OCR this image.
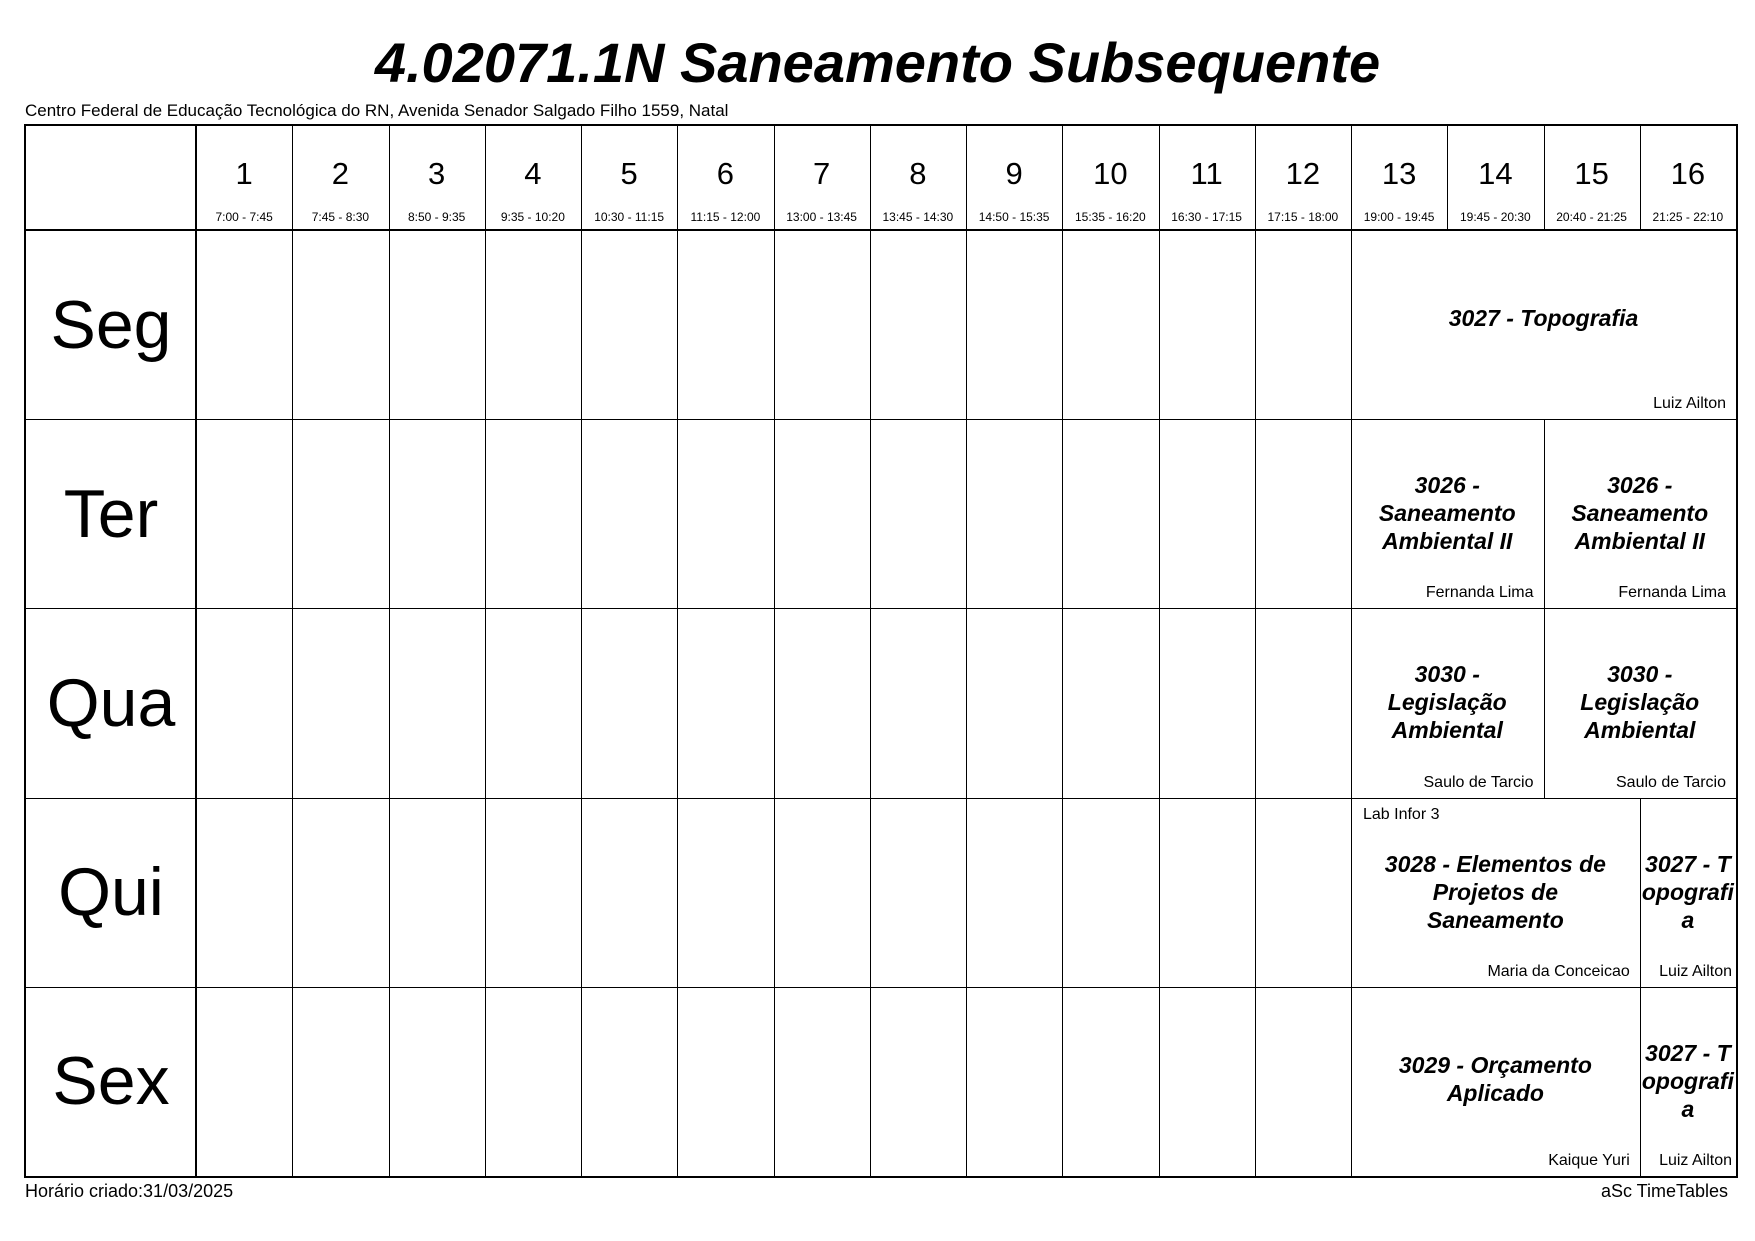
4.02071.1N Saneamento Subsequente
Centro Federal de Educação Tecnológica do RN, Avenida Senador Salgado Filho 1559, Natal
1
7:00 - 7:45
2
7:45 - 8:30
3
8:50 - 9:35
4
9:35 - 10:20
5
10:30 - 11:15
6
11:15 - 12:00
7
13:00 - 13:45
8
13:45 - 14:30
9
14:50 - 15:35
10
15:35 - 16:20
11
16:30 - 17:15
12
17:15 - 18:00
13
19:00 - 19:45
14
19:45 - 20:30
15
20:40 - 21:25
16
21:25 - 22:10
Seg
Ter
Qua
Qui
Sex
3027 - Topografia
Luiz Ailton
3026 - Saneamento Ambiental II
Fernanda Lima
3026 - Saneamento Ambiental II
Fernanda Lima
3030 - Legislação Ambiental
Saulo de Tarcio
3030 - Legislação Ambiental
Saulo de Tarcio
Lab Infor 3
3028 - Elementos de Projetos de Saneamento
Maria da Conceicao
3027 - Topografia
Luiz Ailton
3029 - Orçamento Aplicado
Kaique Yuri
3027 - Topografia
Luiz Ailton
Horário criado:31/03/2025	aSc TimeTables
